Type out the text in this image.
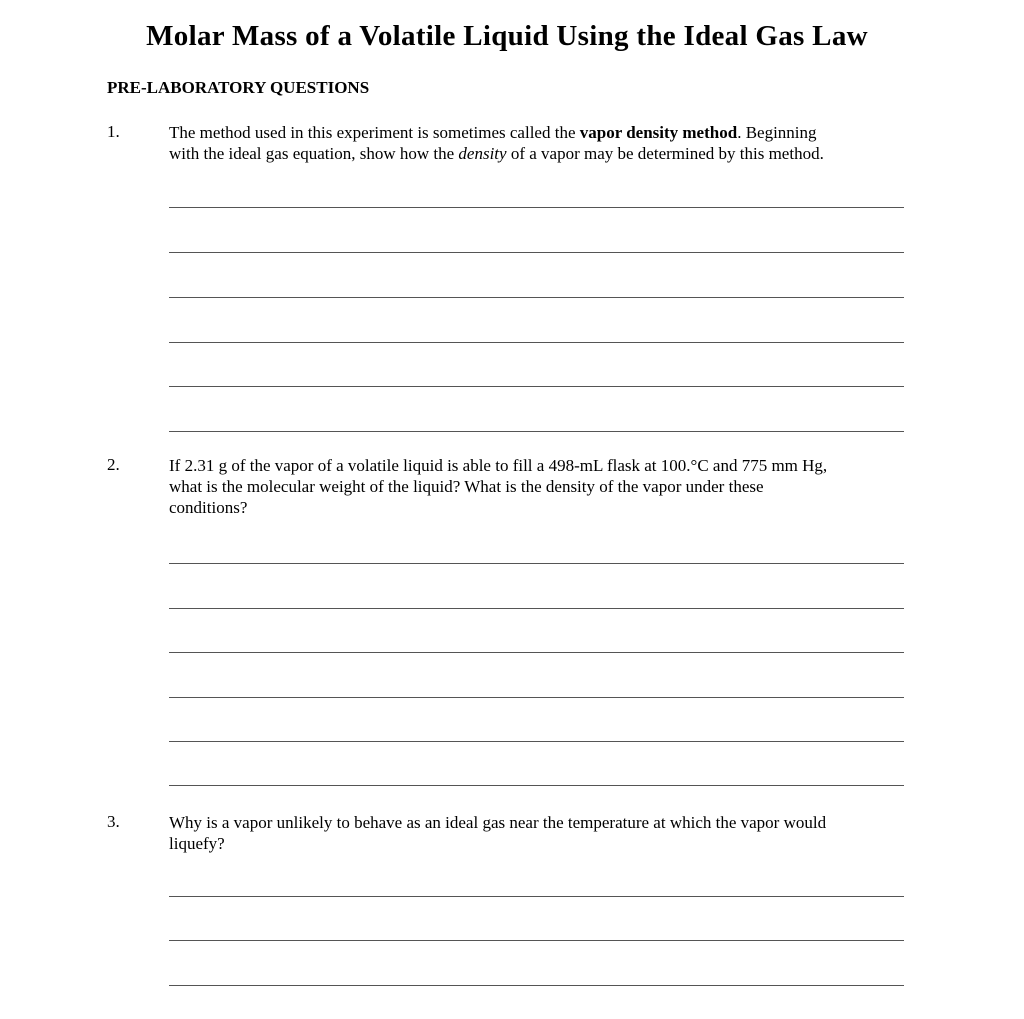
Molar Mass of a Volatile Liquid Using the Ideal Gas Law
PRE-LABORATORY QUESTIONS
1.	The method used in this experiment is sometimes called the vapor density method. Beginning
with the ideal gas equation, show how the density of a vapor may be determined by this method.
2.	If 2.31 g of the vapor of a volatile liquid is able to fill a 498-mL flask at 100.°C and 775 mm Hg,
what is the molecular weight of the liquid? What is the density of the vapor under these
conditions?
3.	Why is a vapor unlikely to behave as an ideal gas near the temperature at which the vapor would
liquefy?
